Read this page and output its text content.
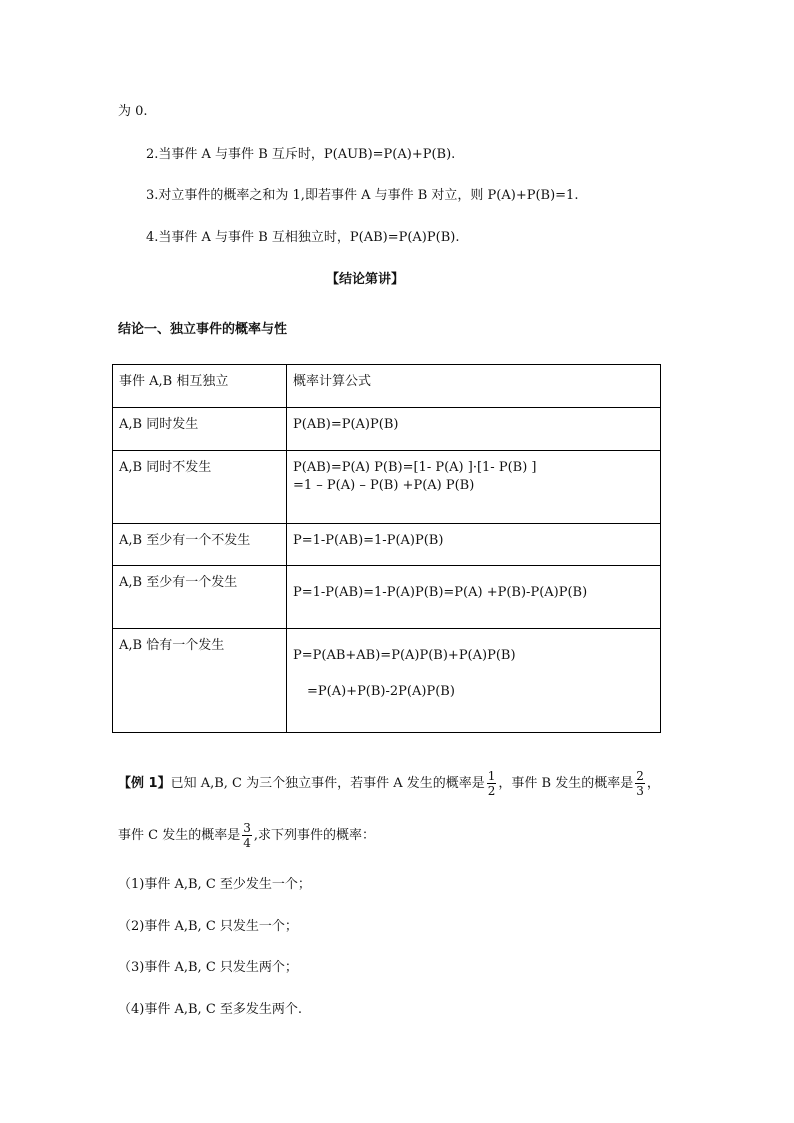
为 0.
2.当事件 A 与事件 B 互斥时，P(AUB)=P(A)+P(B).
3.对立事件的概率之和为 1,即若事件 A 与事件 B 对立，则 P(A)+P(B)=1.
4.当事件 A 与事件 B 互相独立时，P(AB)=P(A)P(B).
【结论第讲】
结论一、独立事件的概率与性
事件 A,B 相互独立	概率计算公式
A,B 同时发生	P(AB)=P(A)P(B)
A,B 同时不发生	P(AB)=P(A) P(B)=[1- P(A) ]·[1- P(B) ]
=1 – P(A) – P(B) +P(A) P(B)

A,B 至少有一个不发生	P=1-P(AB)=1-P(A)P(B)
A,B 至少有一个发生	P=1-P(AB)=1-P(A)P(B)=P(A) +P(B)-P(A)P(B)
A,B 恰有一个发生	P=P(AB+AB)=P(A)P(B)+P(A)P(B)
=P(A)+P(B)-2P(A)P(B)
【例 1】已知 A,B, C 为三个独立事件，若事件 A 发生的概率是 $\frac{1}{2}$ ，事件 B 发生的概率是 $\frac{2}{3}$ ，
事件 C 发生的概率是 $\frac{3}{4}$ ,求下列事件的概率：
（1)事件 A,B, C 至少发生一个；
（2)事件 A,B, C 只发生一个；
（3)事件 A,B, C 只发生两个；
（4)事件 A,B, C 至多发生两个.
